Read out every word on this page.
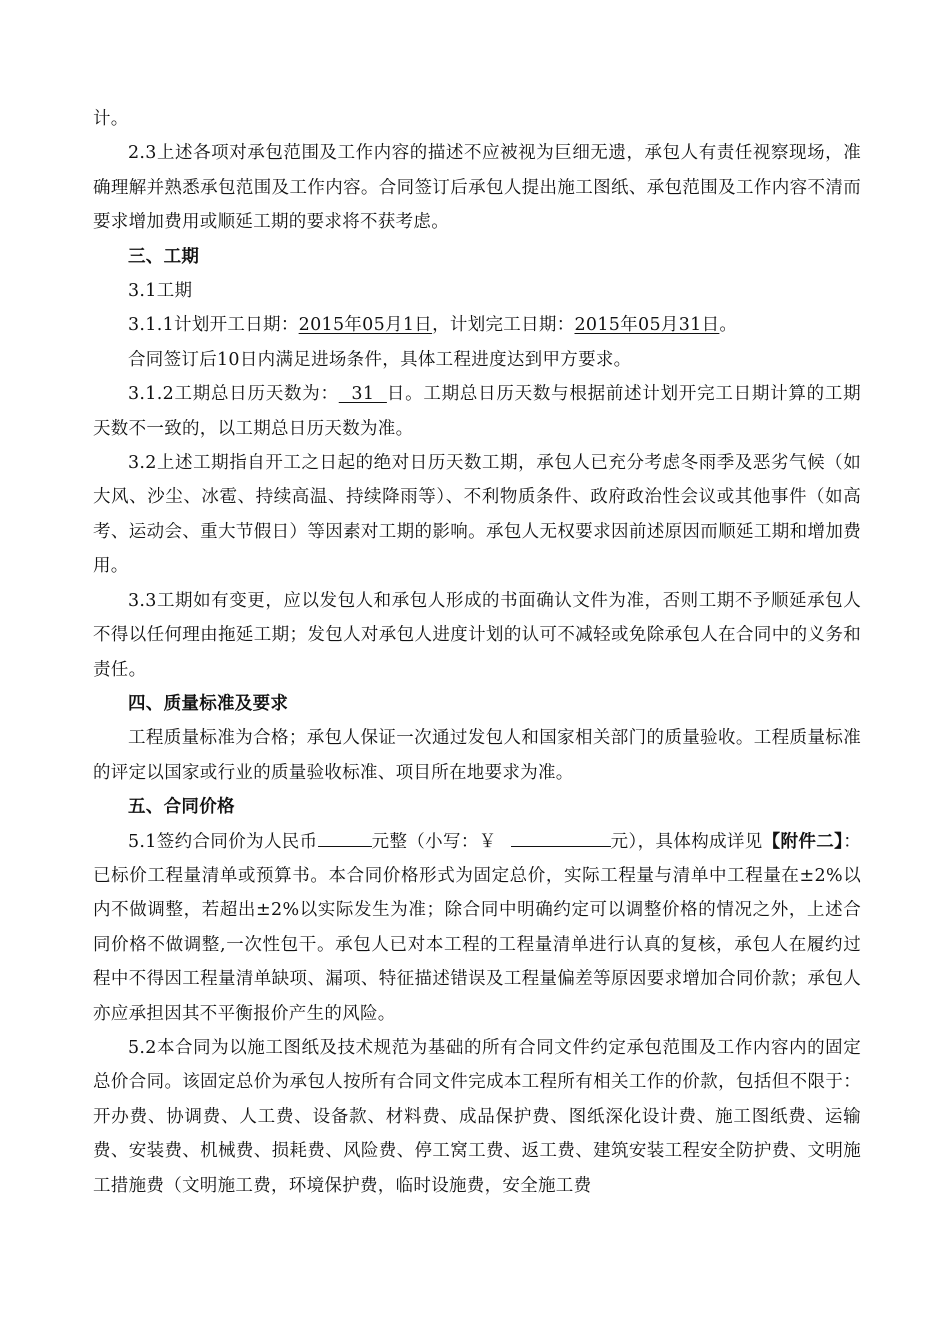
计。

2.3上述各项对承包范围及工作内容的描述不应被视为巨细无遗，承包人有责任视察现场，准确理解并熟悉承包范围及工作内容。合同签订后承包人提出施工图纸、承包范围及工作内容不清而要求增加费用或顺延工期的要求将不获考虑。

三、工期

3.1工期

3.1.1计划开工日期：2015年05月1日，计划完工日期：2015年05月31日。

合同签订后10日内满足进场条件，具体工程进度达到甲方要求。

3.1.2工期总日历天数为：  31  日。工期总日历天数与根据前述计划开完工日期计算的工期天数不一致的，以工期总日历天数为准。

3.2上述工期指自开工之日起的绝对日历天数工期，承包人已充分考虑冬雨季及恶劣气候（如大风、沙尘、冰雹、持续高温、持续降雨等）、不利物质条件、政府政治性会议或其他事件（如高考、运动会、重大节假日）等因素对工期的影响。承包人无权要求因前述原因而顺延工期和增加费用。

3.3工期如有变更，应以发包人和承包人形成的书面确认文件为准，否则工期不予顺延承包人不得以任何理由拖延工期；发包人对承包人进度计划的认可不减轻或免除承包人在合同中的义务和责任。

四、质量标准及要求

工程质量标准为合格；承包人保证一次通过发包人和国家相关部门的质量验收。工程质量标准的评定以国家或行业的质量验收标准、项目所在地要求为准。

五、合同价格

5.1签约合同价为人民币	元整（小写：￥	元），具体构成详见【附件二】：已标价工程量清单或预算书。本合同价格形式为固定总价，实际工程量与清单中工程量在±2%以内不做调整，若超出±2%以实际发生为准；除合同中明确约定可以调整价格的情况之外，上述合同价格不做调整,一次性包干。承包人已对本工程的工程量清单进行认真的复核，承包人在履约过程中不得因工程量清单缺项、漏项、特征描述错误及工程量偏差等原因要求增加合同价款；承包人亦应承担因其不平衡报价产生的风险。

5.2本合同为以施工图纸及技术规范为基础的所有合同文件约定承包范围及工作内容内的固定总价合同。该固定总价为承包人按所有合同文件完成本工程所有相关工作的价款，包括但不限于：开办费、协调费、人工费、设备款、材料费、成品保护费、图纸深化设计费、施工图纸费、运输费、安装费、机械费、损耗费、风险费、停工窝工费、返工费、建筑安装工程安全防护费、文明施工措施费（文明施工费，环境保护费，临时设施费，安全施工费
